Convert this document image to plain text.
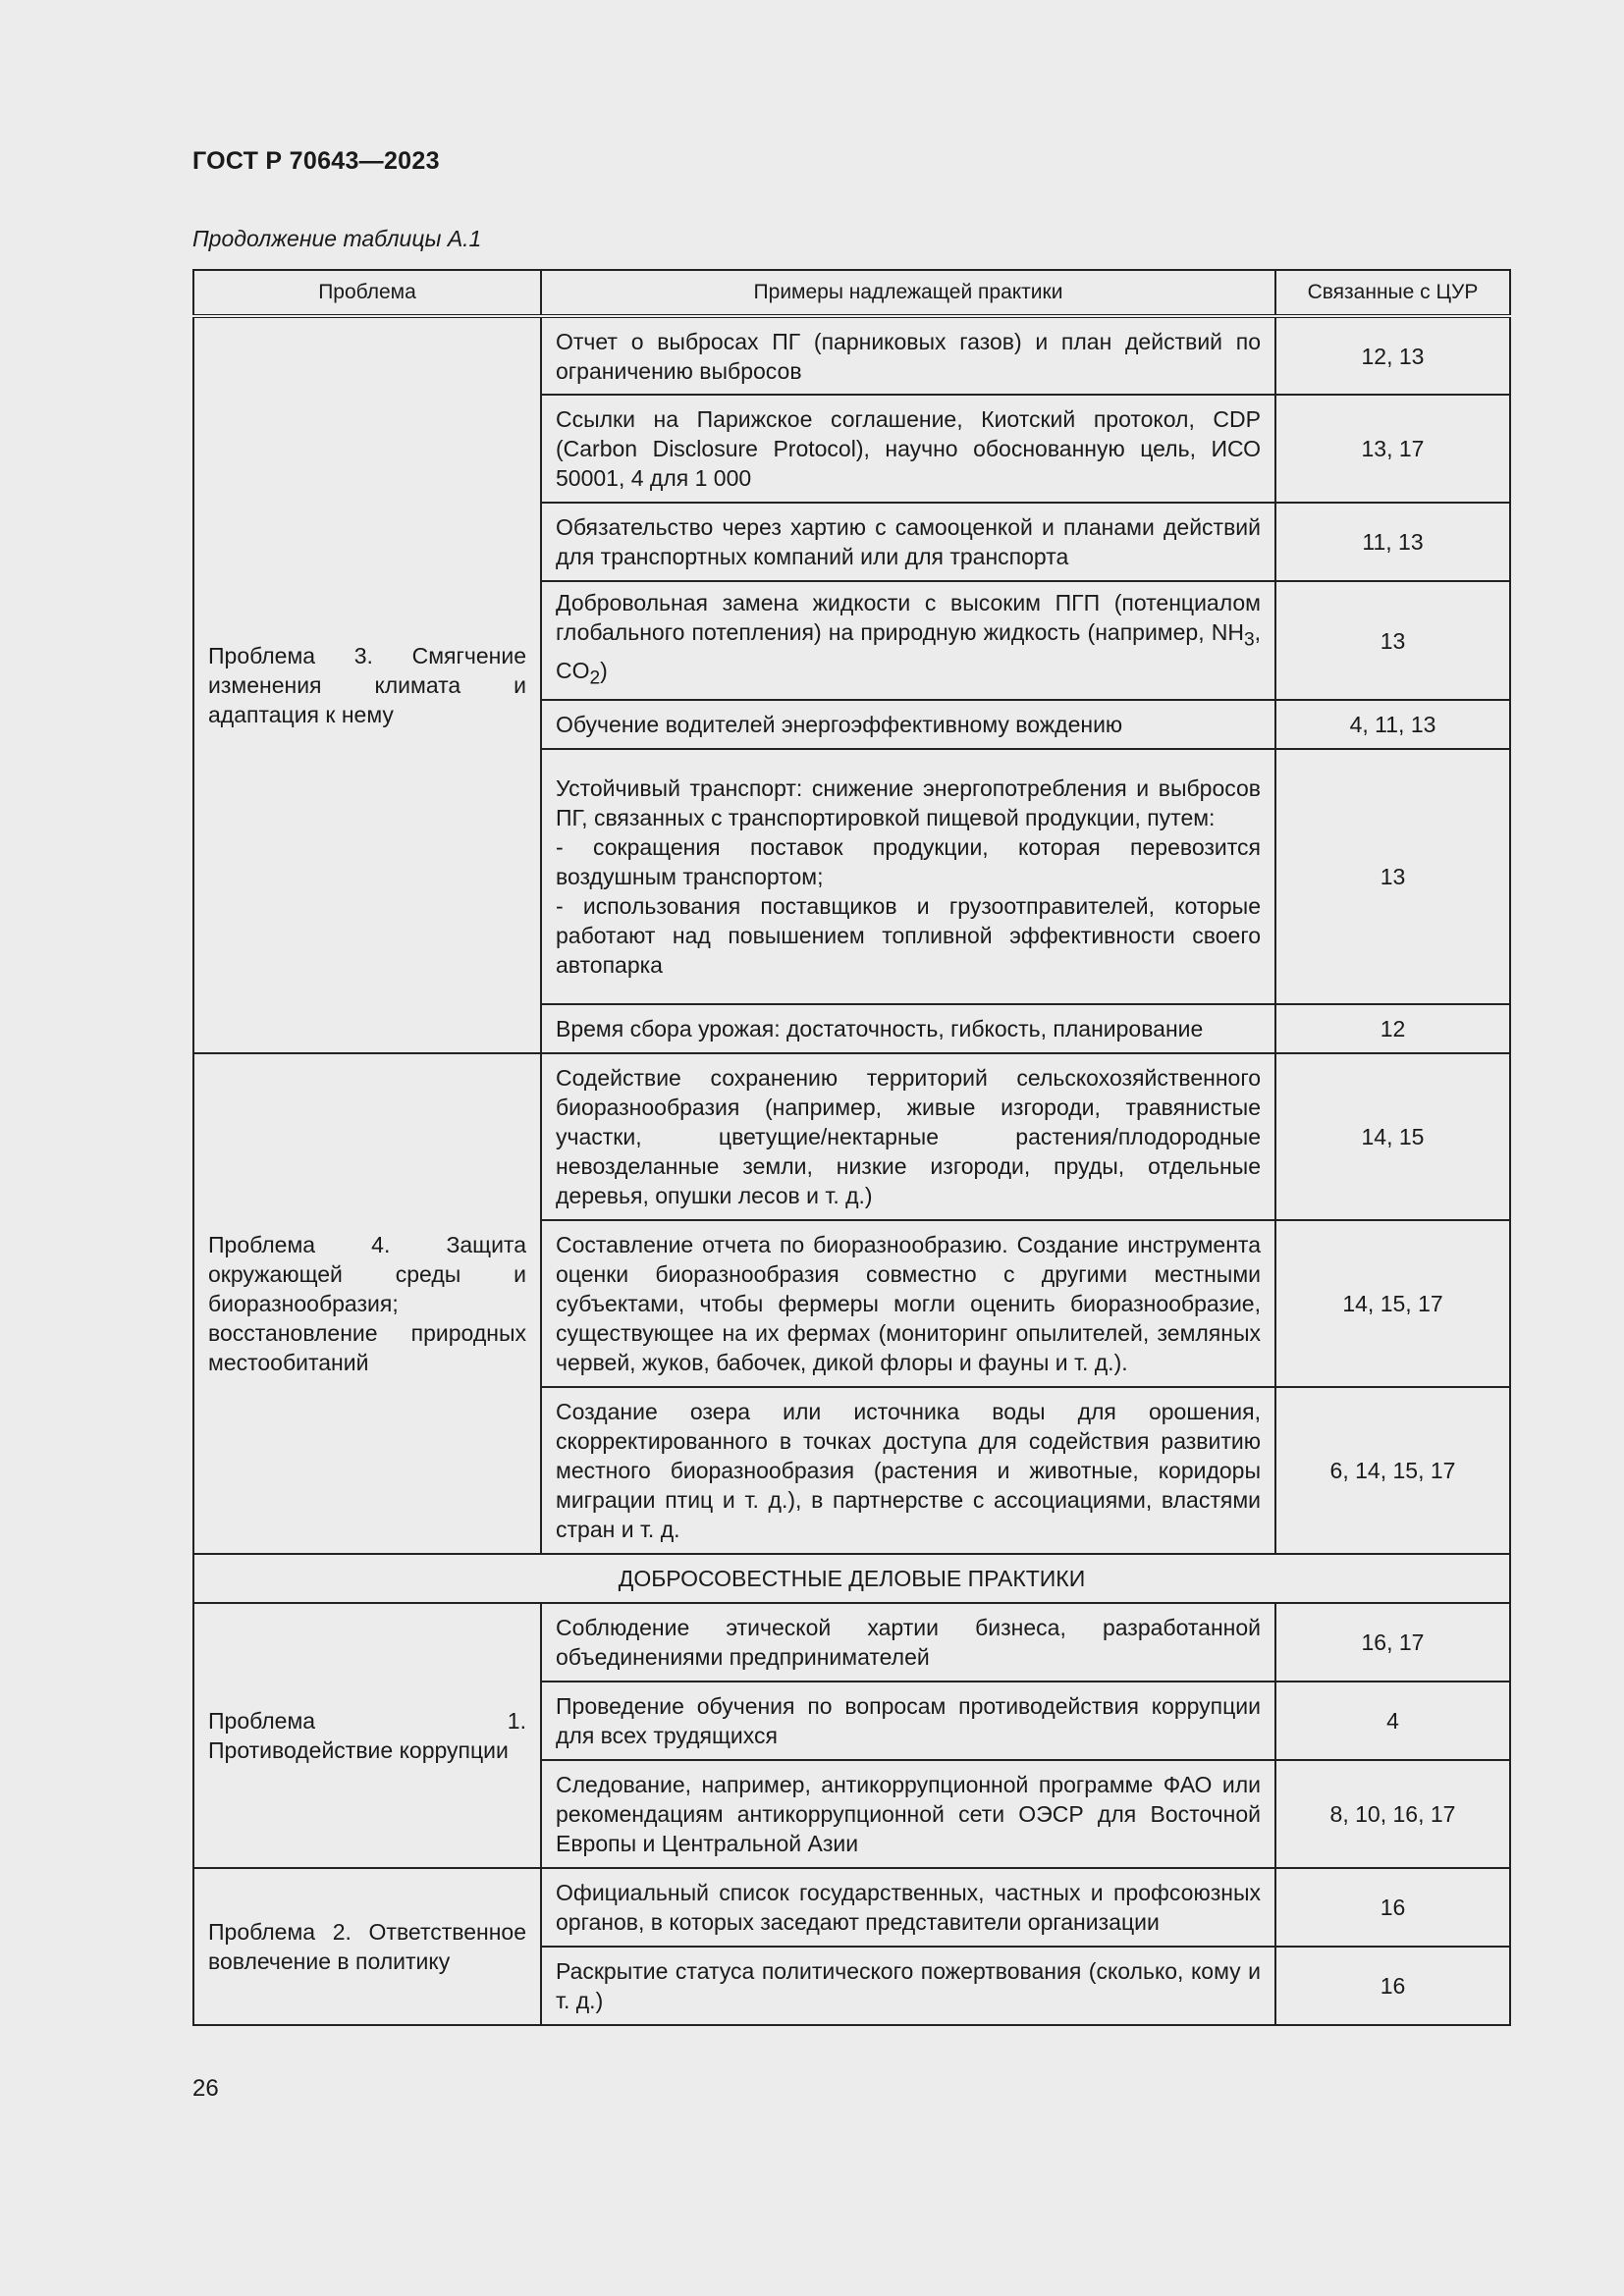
ГОСТ Р 70643—2023
Продолжение таблицы А.1
Проблема	Примеры надлежащей практики	Связанные с ЦУР
Проблема 3. Смягчение изменения климата и адаптация к нему	Отчет о выбросах ПГ (парниковых газов) и план действий по ограничению выбросов	12, 13
	Ссылки на Парижское соглашение, Киотский протокол, CDP (Carbon Disclosure Protocol), научно обоснованную цель, ИСО 50001, 4 для 1 000	13, 17
	Обязательство через хартию с самооценкой и планами действий для транспортных компаний или для транспорта	11, 13
	Добровольная замена жидкости с высоким ПГП (потенциалом глобального потепления) на природную жидкость (например, $NH_3$, $CO_2$)	13
	Обучение водителей энергоэффективному вождению	4, 11, 13
	Устойчивый транспорт: снижение энергопотребления и выбросов ПГ, связанных с транспортировкой пищевой продукции, путем:
- сокращения поставок продукции, которая перевозится воздушным транспортом;
- использования поставщиков и грузоотправителей, которые работают над повышением топливной эффективности своего автопарка	13
	Время сбора урожая: достаточность, гибкость, планирование	12
Проблема 4. Защита окружающей среды и биоразнообразия; восстановление природных местообитаний	Содействие сохранению территорий сельскохозяйственного биоразнообразия (например, живые изгороди, травянистые участки, цветущие/нектарные растения/плодородные невозделанные земли, низкие изгороди, пруды, отдельные деревья, опушки лесов и т. д.)	14, 15
	Составление отчета по биоразнообразию. Создание инструмента оценки биоразнообразия совместно с другими местными субъектами, чтобы фермеры могли оценить биоразнообразие, существующее на их фермах (мониторинг опылителей, земляных червей, жуков, бабочек, дикой флоры и фауны и т. д.).	14, 15, 17
	Создание озера или источника воды для орошения, скорректированного в точках доступа для содействия развитию местного биоразнообразия (растения и животные, коридоры миграции птиц и т. д.), в партнерстве с ассоциациями, властями стран и т. д.	6, 14, 15, 17
ДОБРОСОВЕСТНЫЕ ДЕЛОВЫЕ ПРАКТИКИ		
Проблема 1. Противодействие коррупции	Соблюдение этической хартии бизнеса, разработанной объединениями предпринимателей	16, 17
	Проведение обучения по вопросам противодействия коррупции для всех трудящихся	4
	Следование, например, антикоррупционной программе ФАО или рекомендациям антикоррупционной сети ОЭСР для Восточной Европы и Центральной Азии	8, 10, 16, 17
Проблема 2. Ответственное вовлечение в политику	Официальный список государственных, частных и профсоюзных органов, в которых заседают представители организации	16
	Раскрытие статуса политического пожертвования (сколько, кому и т. д.)	16
26
